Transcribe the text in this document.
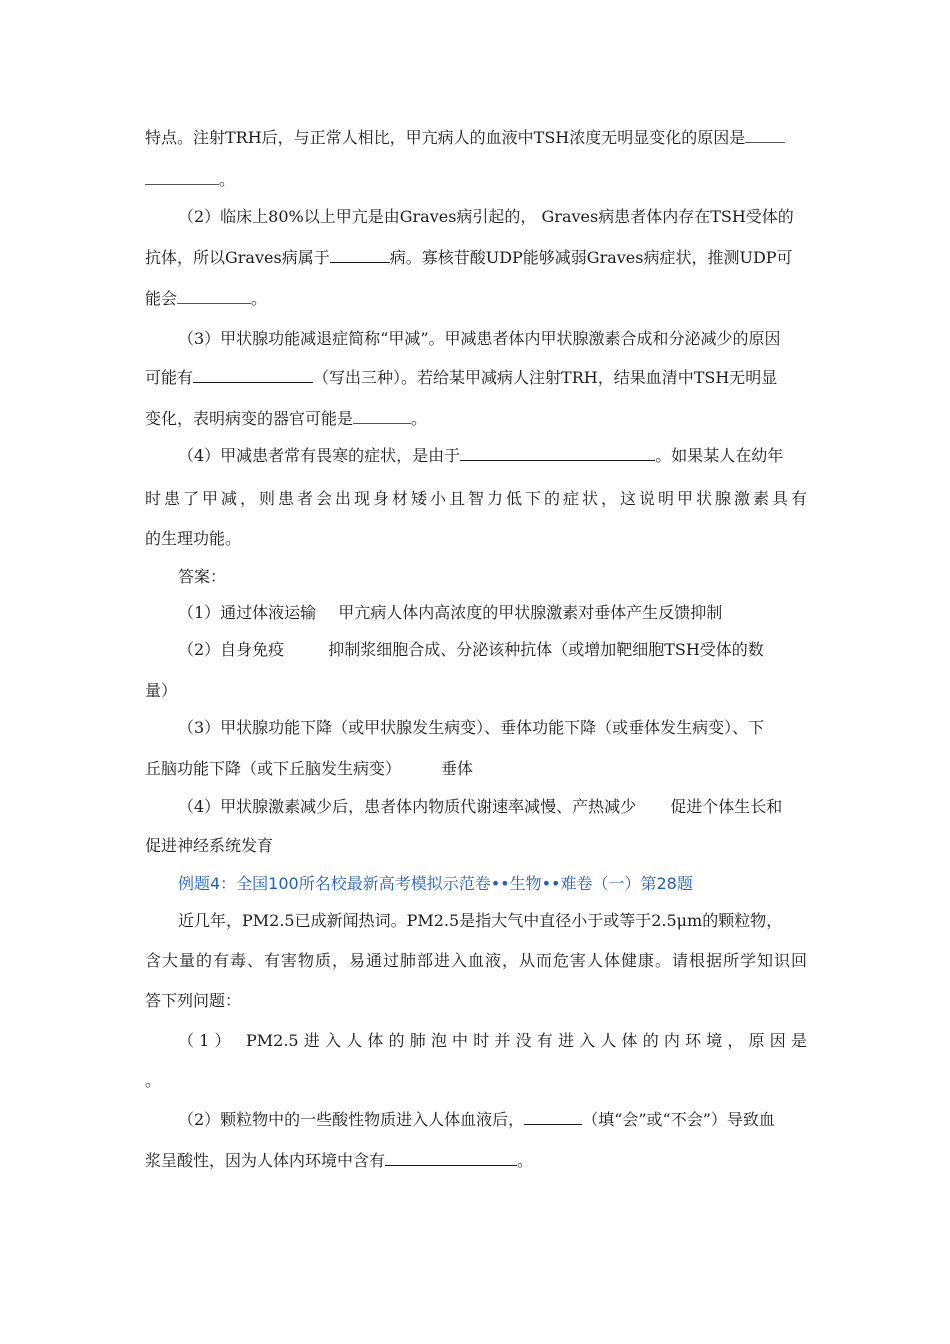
特点。注射TRH后，与正常人相比，甲亢病人的血液中TSH浓度无明显变化的原因是
。
（2）临床上80%以上甲亢是由Graves病引起的， Graves病患者体内存在TSH受体的
抗体，所以Graves病属于	病。寡核苷酸UDP能够减弱Graves病症状，推测UDP可
能会	。
（3）甲状腺功能减退症简称“甲减”。甲减患者体内甲状腺激素合成和分泌减少的原因
可能有	（写出三种）。若给某甲减病人注射TRH，结果血清中TSH无明显
变化，表明病变的器官可能是	。
（4）甲减患者常有畏寒的症状，是由于	。如果某人在幼年
时患了甲减，则患者会出现身材矮小且智力低下的症状，这说明甲状腺激素具有
的生理功能。
答案：
（1）通过体液运输 甲亢病人体内高浓度的甲状腺激素对垂体产生反馈抑制
（2）自身免疫	抑制浆细胞合成、分泌该种抗体（或增加靶细胞TSH受体的数
量）
（3）甲状腺功能下降（或甲状腺发生病变）、垂体功能下降（或垂体发生病变）、下
丘脑功能下降（或下丘脑发生病变）	垂体
（4）甲状腺激素减少后，患者体内物质代谢速率减慢、产热减少 促进个体生长和
促进神经系统发育
例题4：全国100所名校最新高考模拟示范卷••生物••难卷（一）第28题
近几年，PM2.5已成新闻热词。PM2.5是指大气中直径小于或等于2.5μm的颗粒物，
含大量的有毒、有害物质，易通过肺部进入血液，从而危害人体健康。请根据所学知识回
答下列问题：
（1） PM2.5进入人体的肺泡中时并没有进入人体的内环境，原因是
。
（2）颗粒物中的一些酸性物质进入人体血液后，	（填“会”或“不会”）导致血
浆呈酸性，因为人体内环境中含有	。
